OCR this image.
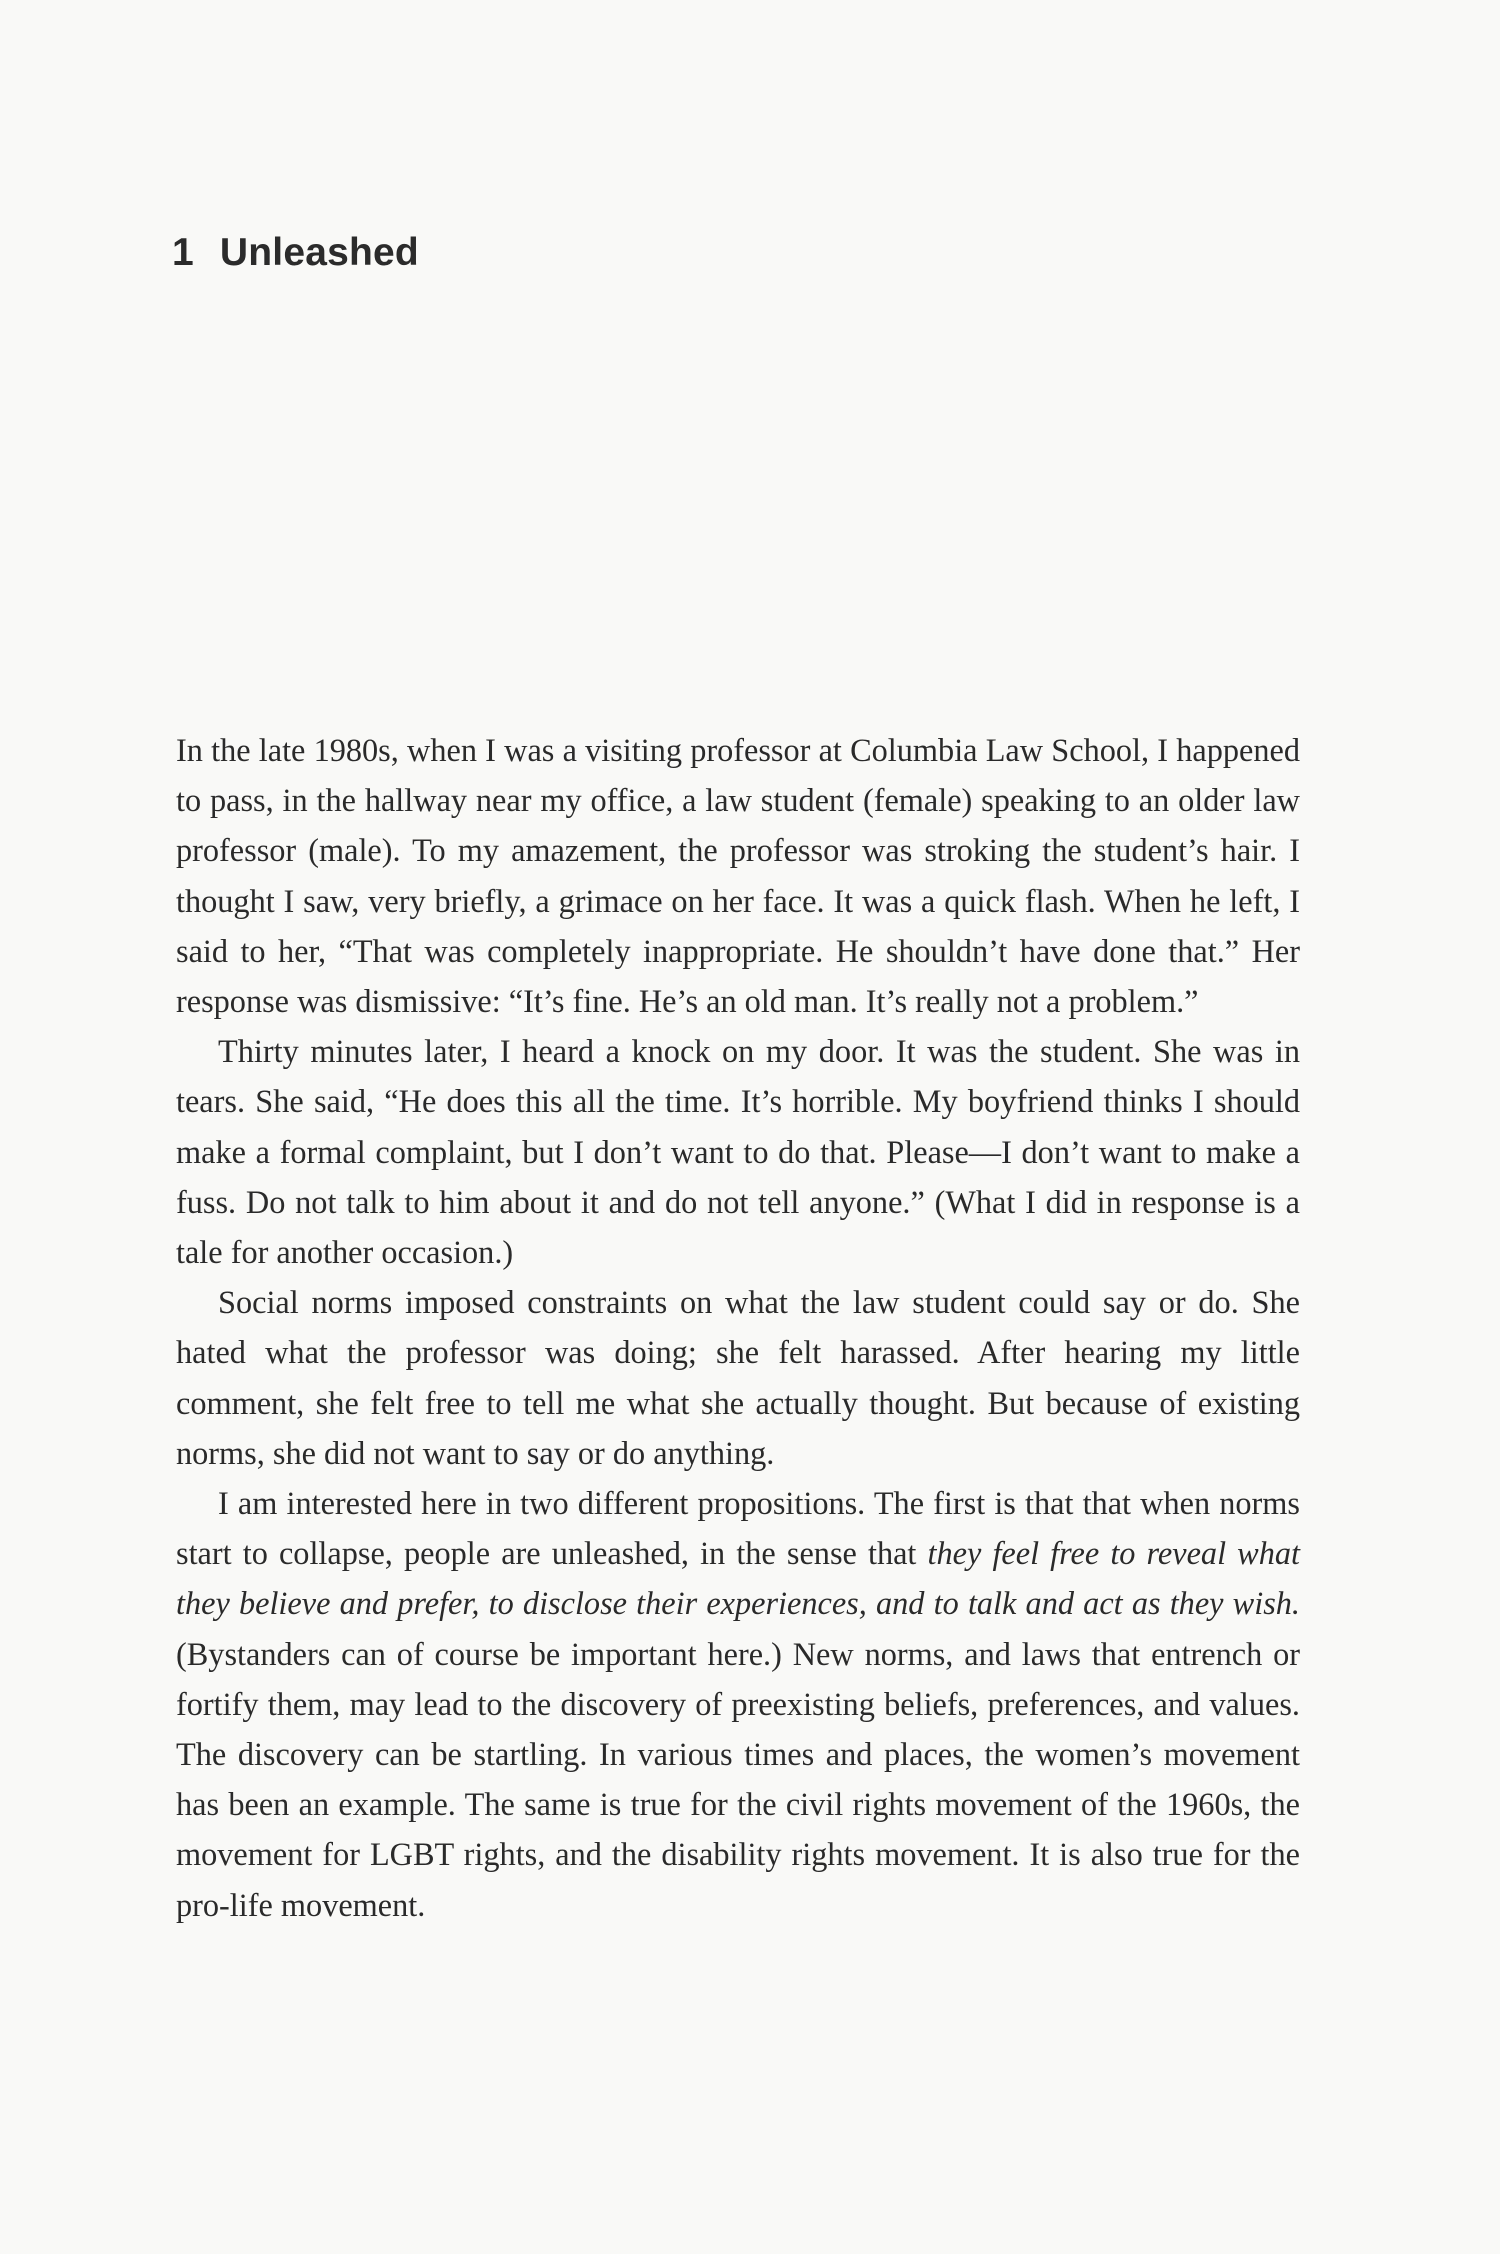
1 Unleashed

In the late 1980s, when I was a visiting professor at Columbia Law School, I happened to pass, in the hallway near my office, a law student (female) speaking to an older law professor (male). To my amazement, the professor was stroking the student’s hair. I thought I saw, very briefly, a grimace on her face. It was a quick flash. When he left, I said to her, “That was completely inappropriate. He shouldn’t have done that.” Her response was dismissive: “It’s fine. He’s an old man. It’s really not a problem.”

Thirty minutes later, I heard a knock on my door. It was the student. She was in tears. She said, “He does this all the time. It’s horrible. My boyfriend thinks I should make a formal complaint, but I don’t want to do that. Please—I don’t want to make a fuss. Do not talk to him about it and do not tell anyone.” (What I did in response is a tale for another occasion.)

Social norms imposed constraints on what the law student could say or do. She hated what the professor was doing; she felt harassed. After hearing my little comment, she felt free to tell me what she actually thought. But because of existing norms, she did not want to say or do anything.

I am interested here in two different propositions. The first is that that when norms start to collapse, people are unleashed, in the sense that they feel free to reveal what they believe and prefer, to disclose their experiences, and to talk and act as they wish. (Bystanders can of course be important here.) New norms, and laws that entrench or fortify them, may lead to the discovery of preexisting beliefs, preferences, and values. The discovery can be startling. In various times and places, the women’s movement has been an example. The same is true for the civil rights movement of the 1960s, the movement for LGBT rights, and the disability rights movement. It is also true for the pro-life movement.
